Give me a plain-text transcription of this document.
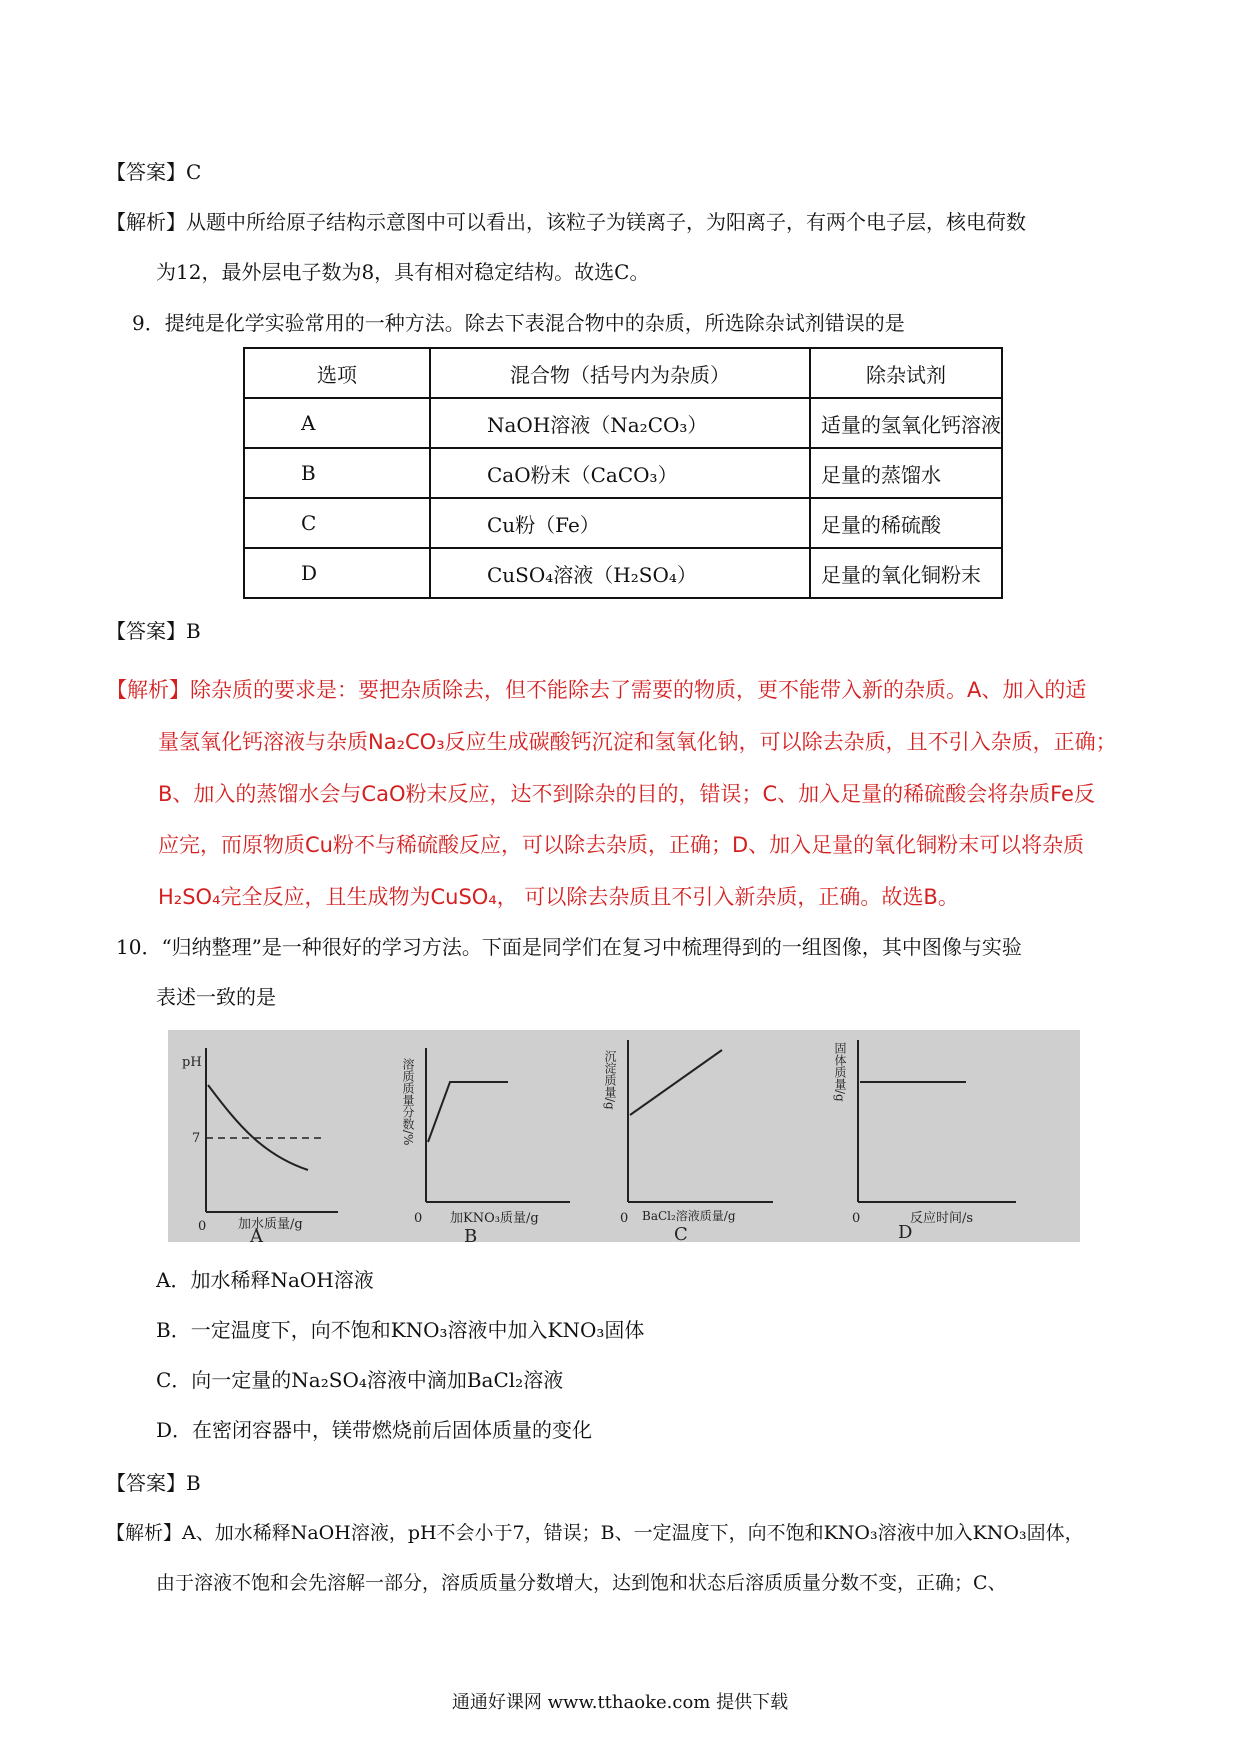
【答案】C
【解析】从题中所给原子结构示意图中可以看出，该粒子为镁离子，为阳离子，有两个电子层，核电荷数
为12，最外层电子数为8，具有相对稳定结构。故选C。
9．提纯是化学实验常用的一种方法。除去下表混合物中的杂质，所选除杂试剂错误的是
选项	混合物（括号内为杂质）	除杂试剂
A	NaOH溶液（Na₂CO₃）	适量的氢氧化钙溶液
B	CaO粉末（CaCO₃）	足量的蒸馏水
C	Cu粉（Fe）	足量的稀硫酸
D	CuSO₄溶液（H₂SO₄）	足量的氧化铜粉末
【答案】B
【解析】除杂质的要求是：要把杂质除去，但不能除去了需要的物质，更不能带入新的杂质。A、加入的适
量氢氧化钙溶液与杂质Na₂CO₃反应生成碳酸钙沉淀和氢氧化钠，可以除去杂质，且不引入杂质，正确；
B、加入的蒸馏水会与CaO粉末反应，达不到除杂的目的，错误；C、加入足量的稀硫酸会将杂质Fe反
应完，而原物质Cu粉不与稀硫酸反应，可以除去杂质，正确；D、加入足量的氧化铜粉末可以将杂质
H₂SO₄完全反应，且生成物为CuSO₄， 可以除去杂质且不引入新杂质，正确。故选B。
10．“归纳整理”是一种很好的学习方法。下面是同学们在复习中梳理得到的一组图像，其中图像与实验
表述一致的是
pH
7
0 加水质量/g
A
溶质质量分数/%
0 加KNO₃质量/g
B
沉淀质量/g
0 BaCl₂溶液质量/g
C
固体质量/g
0	反应时间/s
D
A．加水稀释NaOH溶液
B．一定温度下，向不饱和KNO₃溶液中加入KNO₃固体
C．向一定量的Na₂SO₄溶液中滴加BaCl₂溶液
D．在密闭容器中，镁带燃烧前后固体质量的变化
【答案】B
【解析】A、加水稀释NaOH溶液，pH不会小于7，错误；B、一定温度下，向不饱和KNO₃溶液中加入KNO₃固体，
由于溶液不饱和会先溶解一部分，溶质质量分数增大，达到饱和状态后溶质质量分数不变，正确；C、
通通好课网 www.tthaoke.com 提供下载
